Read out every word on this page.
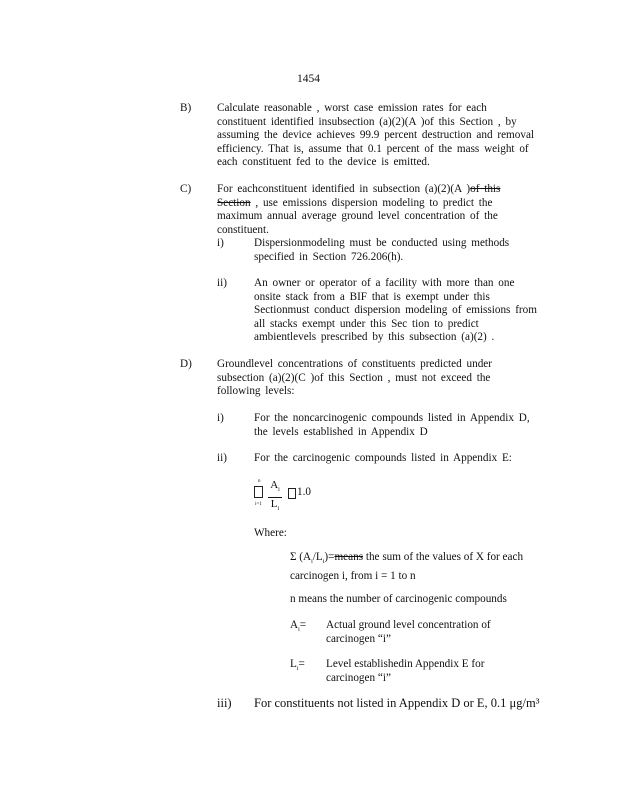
1454
B) Calculate reasonable , worst case emission rates for each constituent identified insubsection (a)(2)(A )of this Section , by assuming the device achieves 99.9 percent destruction and removal efficiency. That is, assume that 0.1 percent of the mass weight of each constituent fed to the device is emitted.
C) For eachconstituent identified in subsection (a)(2)(A )of this Section , use emissions dispersion modeling to predict the maximum annual average ground level concentration of the constituent.
i)	Dispersionmodeling must be conducted using methods specified in Section 726.206(h).
ii) An owner or operator of a facility with more than one onsite stack from a BIF that is exempt under this Sectionmust conduct dispersion modeling of emissions from all stacks exempt under this Sec tion to predict ambientlevels prescribed by this subsection (a)(2) .
D) Groundlevel concentrations of constituents predicted under subsection (a)(2)(C )of this Section , must not exceed the following levels:
i)	For the noncarcinogenic compounds listed in Appendix D, the levels established in Appendix D
ii) For the carcinogenic compounds listed in Appendix E:
n
$i=1 \frac{A_i}{L_i} 1.0$
Where:
Σ $(A_i/L_i)=means$ the sum of the values of X for each carcinogen i, from i = 1 to n
n means the number of carcinogenic compounds
$A_i=$ Actual ground level concentration of carcinogen “i”
$L_i=$ Level establishedin Appendix E for carcinogen “i”
iii) For constituents not listed in Appendix D or E, 0.1 μg/m³
